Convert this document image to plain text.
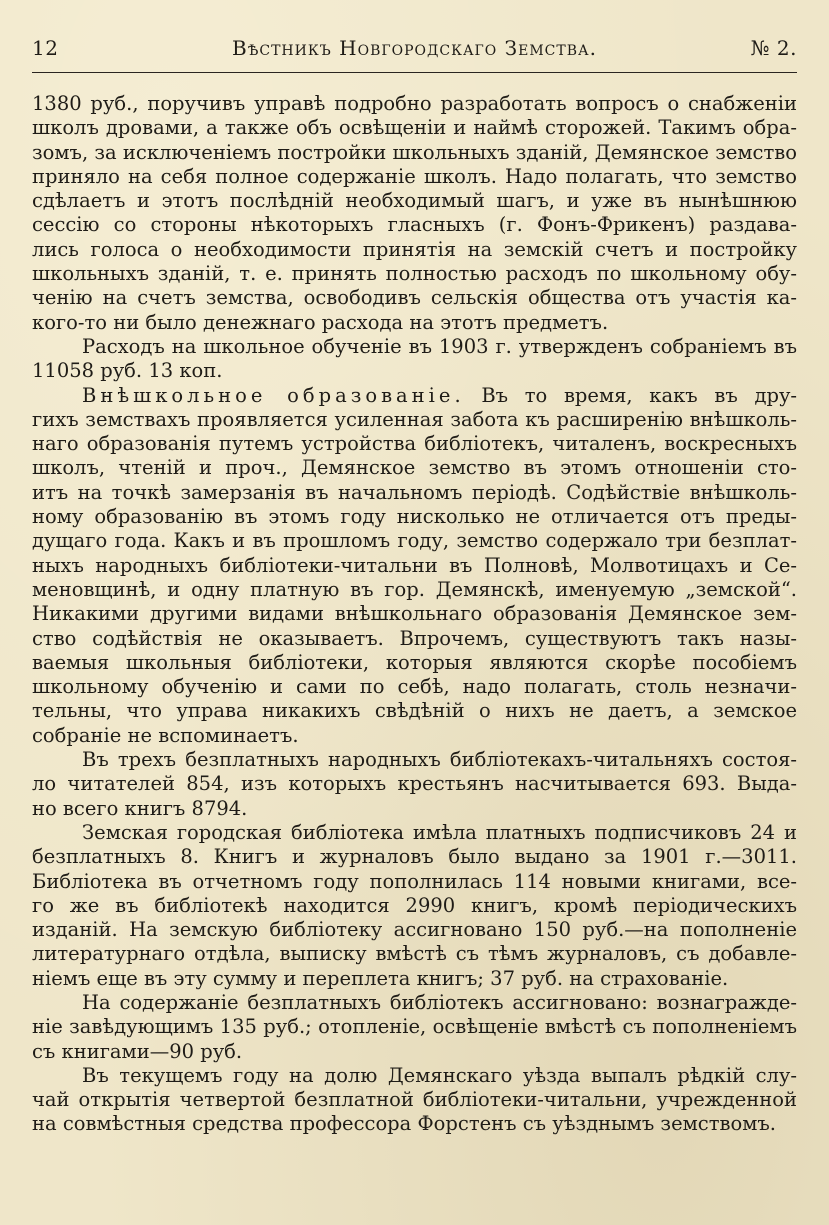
12	Вѣстникъ Новгородскаго Земства.	№ 2.
1380 руб., поручивъ управѣ подробно разработать вопросъ о снабженіи
школъ дровами, а также объ освѣщеніи и наймѣ сторожей. Такимъ обра-
зомъ, за исключеніемъ постройки школьныхъ зданій, Демянское земство
приняло на себя полное содержаніе школъ. Надо полагать, что земство
сдѣлаетъ и этотъ послѣдній необходимый шагъ, и уже въ нынѣшнюю
сессію со стороны нѣкоторыхъ гласныхъ (г. Фонъ-Фрикенъ) раздава-
лись голоса о необходимости принятія на земскій счетъ и постройку
школьныхъ зданій, т. е. принять полностью расходъ по школьному обу-
ченію на счетъ земства, освободивъ сельскія общества отъ участія ка-
кого-то ни было денежнаго расхода на этотъ предметъ.
Расходъ на школьное обученіе въ 1903 г. утвержденъ собраніемъ въ
11058 руб. 13 коп.
Внѣшкольное образованіе. Въ то время, какъ въ дру-
гихъ земствахъ проявляется усиленная забота къ расширенію внѣшколь-
наго образованія путемъ устройства библіотекъ, читаленъ, воскресныхъ
школъ, чтеній и проч., Демянское земство въ этомъ отношеніи сто-
итъ на точкѣ замерзанія въ начальномъ періодѣ. Содѣйствіе внѣшколь-
ному образованію въ этомъ году нисколько не отличается отъ преды-
дущаго года. Какъ и въ прошломъ году, земство содержало три безплат-
ныхъ народныхъ библіотеки-читальни въ Полновѣ, Молвотицахъ и Се-
меновщинѣ, и одну платную въ гор. Демянскѣ, именуемую „земской“.
Никакими другими видами внѣшкольнаго образованія Демянское зем-
ство содѣйствія не оказываетъ. Впрочемъ, существуютъ такъ назы-
ваемыя школьныя библіотеки, которыя являются скорѣе пособіемъ
школьному обученію и сами по себѣ, надо полагать, столь незначи-
тельны, что управа никакихъ свѣдѣній о нихъ не даетъ, а земское
собраніе не вспоминаетъ.
Въ трехъ безплатныхъ народныхъ библіотекахъ-читальняхъ состоя-
ло читателей 854, изъ которыхъ крестьянъ насчитывается 693. Выда-
но всего книгъ 8794.
Земская городская библіотека имѣла платныхъ подписчиковъ 24 и
безплатныхъ 8. Книгъ и журналовъ было выдано за 1901 г.—3011.
Библіотека въ отчетномъ году пополнилась 114 новыми книгами, все-
го же въ библіотекѣ находится 2990 книгъ, кромѣ періодическихъ
изданій. На земскую библіотеку ассигновано 150 руб.—на пополненіе
литературнаго отдѣла, выписку вмѣстѣ съ тѣмъ журналовъ, съ добавле-
ніемъ еще въ эту сумму и переплета книгъ; 37 руб. на страхованіе.
На содержаніе безплатныхъ библіотекъ ассигновано: вознагражде-
ніе завѣдующимъ 135 руб.; отопленіе, освѣщеніе вмѣстѣ съ пополненіемъ
съ книгами—90 руб.
Въ текущемъ году на долю Демянскаго уѣзда выпалъ рѣдкій слу-
чай открытія четвертой безплатной библіотеки-читальни, учрежденной
на совмѣстныя средства профессора Форстенъ съ уѣзднымъ земствомъ.
